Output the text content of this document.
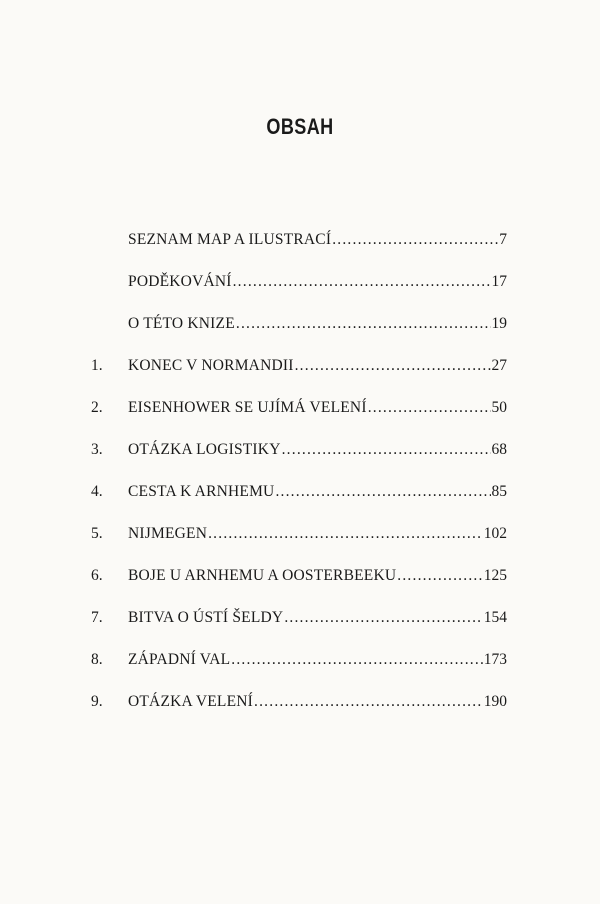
OBSAH
SEZNAM MAP A ILUSTRACÍ .....	7
PODĚKOVÁNÍ .....	17
O TÉTO KNIZE .....	19
1. KONEC V NORMANDII .....	27
2. EISENHOWER SE UJÍMÁ VELENÍ .....	50
3. OTÁZKA LOGISTIKY .....	68
4. CESTA K ARNHEMU .....	85
5. NIJMEGEN .....	102
6. BOJE U ARNHEMU A OOSTERBEEKU .....	125
7. BITVA O ÚSTÍ ŠELDY .....	154
8. ZÁPADNÍ VAL .....	173
9. OTÁZKA VELENÍ .....	190
